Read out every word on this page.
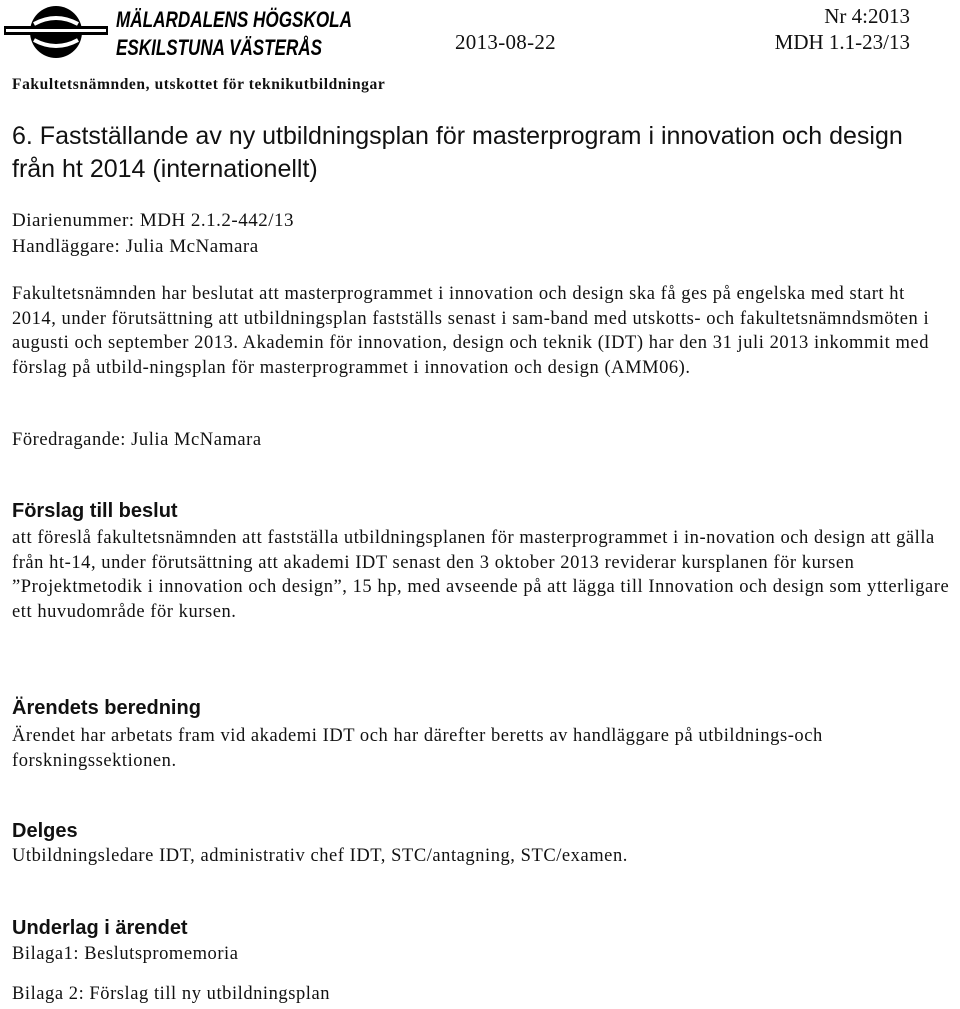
MÄLARDALENS HÖGSKOLA
ESKILSTUNA VÄSTERÅS	2013-08-22
Nr 4:2013
MDH 1.1-23/13
Fakultetsnämnden, utskottet för teknikutbildningar
6. Fastställande av ny utbildningsplan för masterprogram i innovation och design från ht 2014 (internationellt)
Diarienummer: MDH 2.1.2-442/13
Handläggare: Julia McNamara

Fakultetsnämnden har beslutat att masterprogrammet i innovation och design ska få ges på engelska med start ht 2014, under förutsättning att utbildningsplan fastställs senast i sam-band med utskotts- och fakultetsnämndsmöten i augusti och september 2013. Akademin för innovation, design och teknik (IDT) har den 31 juli 2013 inkommit med förslag på utbild-ningsplan för masterprogrammet i innovation och design (AMM06).

Föredragande: Julia McNamara
Förslag till beslut

att föreslå fakultetsnämnden att fastställa utbildningsplanen för masterprogrammet i in-novation och design att gälla från ht-14, under förutsättning att akademi IDT senast den 3 oktober 2013 reviderar kursplanen för kursen ”Projektmetodik i innovation och design”, 15 hp, med avseende på att lägga till Innovation och design som ytterligare ett huvudområde för kursen.

Ärendets beredning

Ärendet har arbetats fram vid akademi IDT och har därefter beretts av handläggare på utbildnings-och forskningssektionen.

Delges
Utbildningsledare IDT, administrativ chef IDT, STC/antagning, STC/examen.
Underlag i ärendet
Bilaga1: Beslutspromemoria
Bilaga 2: Förslag till ny utbildningsplan
